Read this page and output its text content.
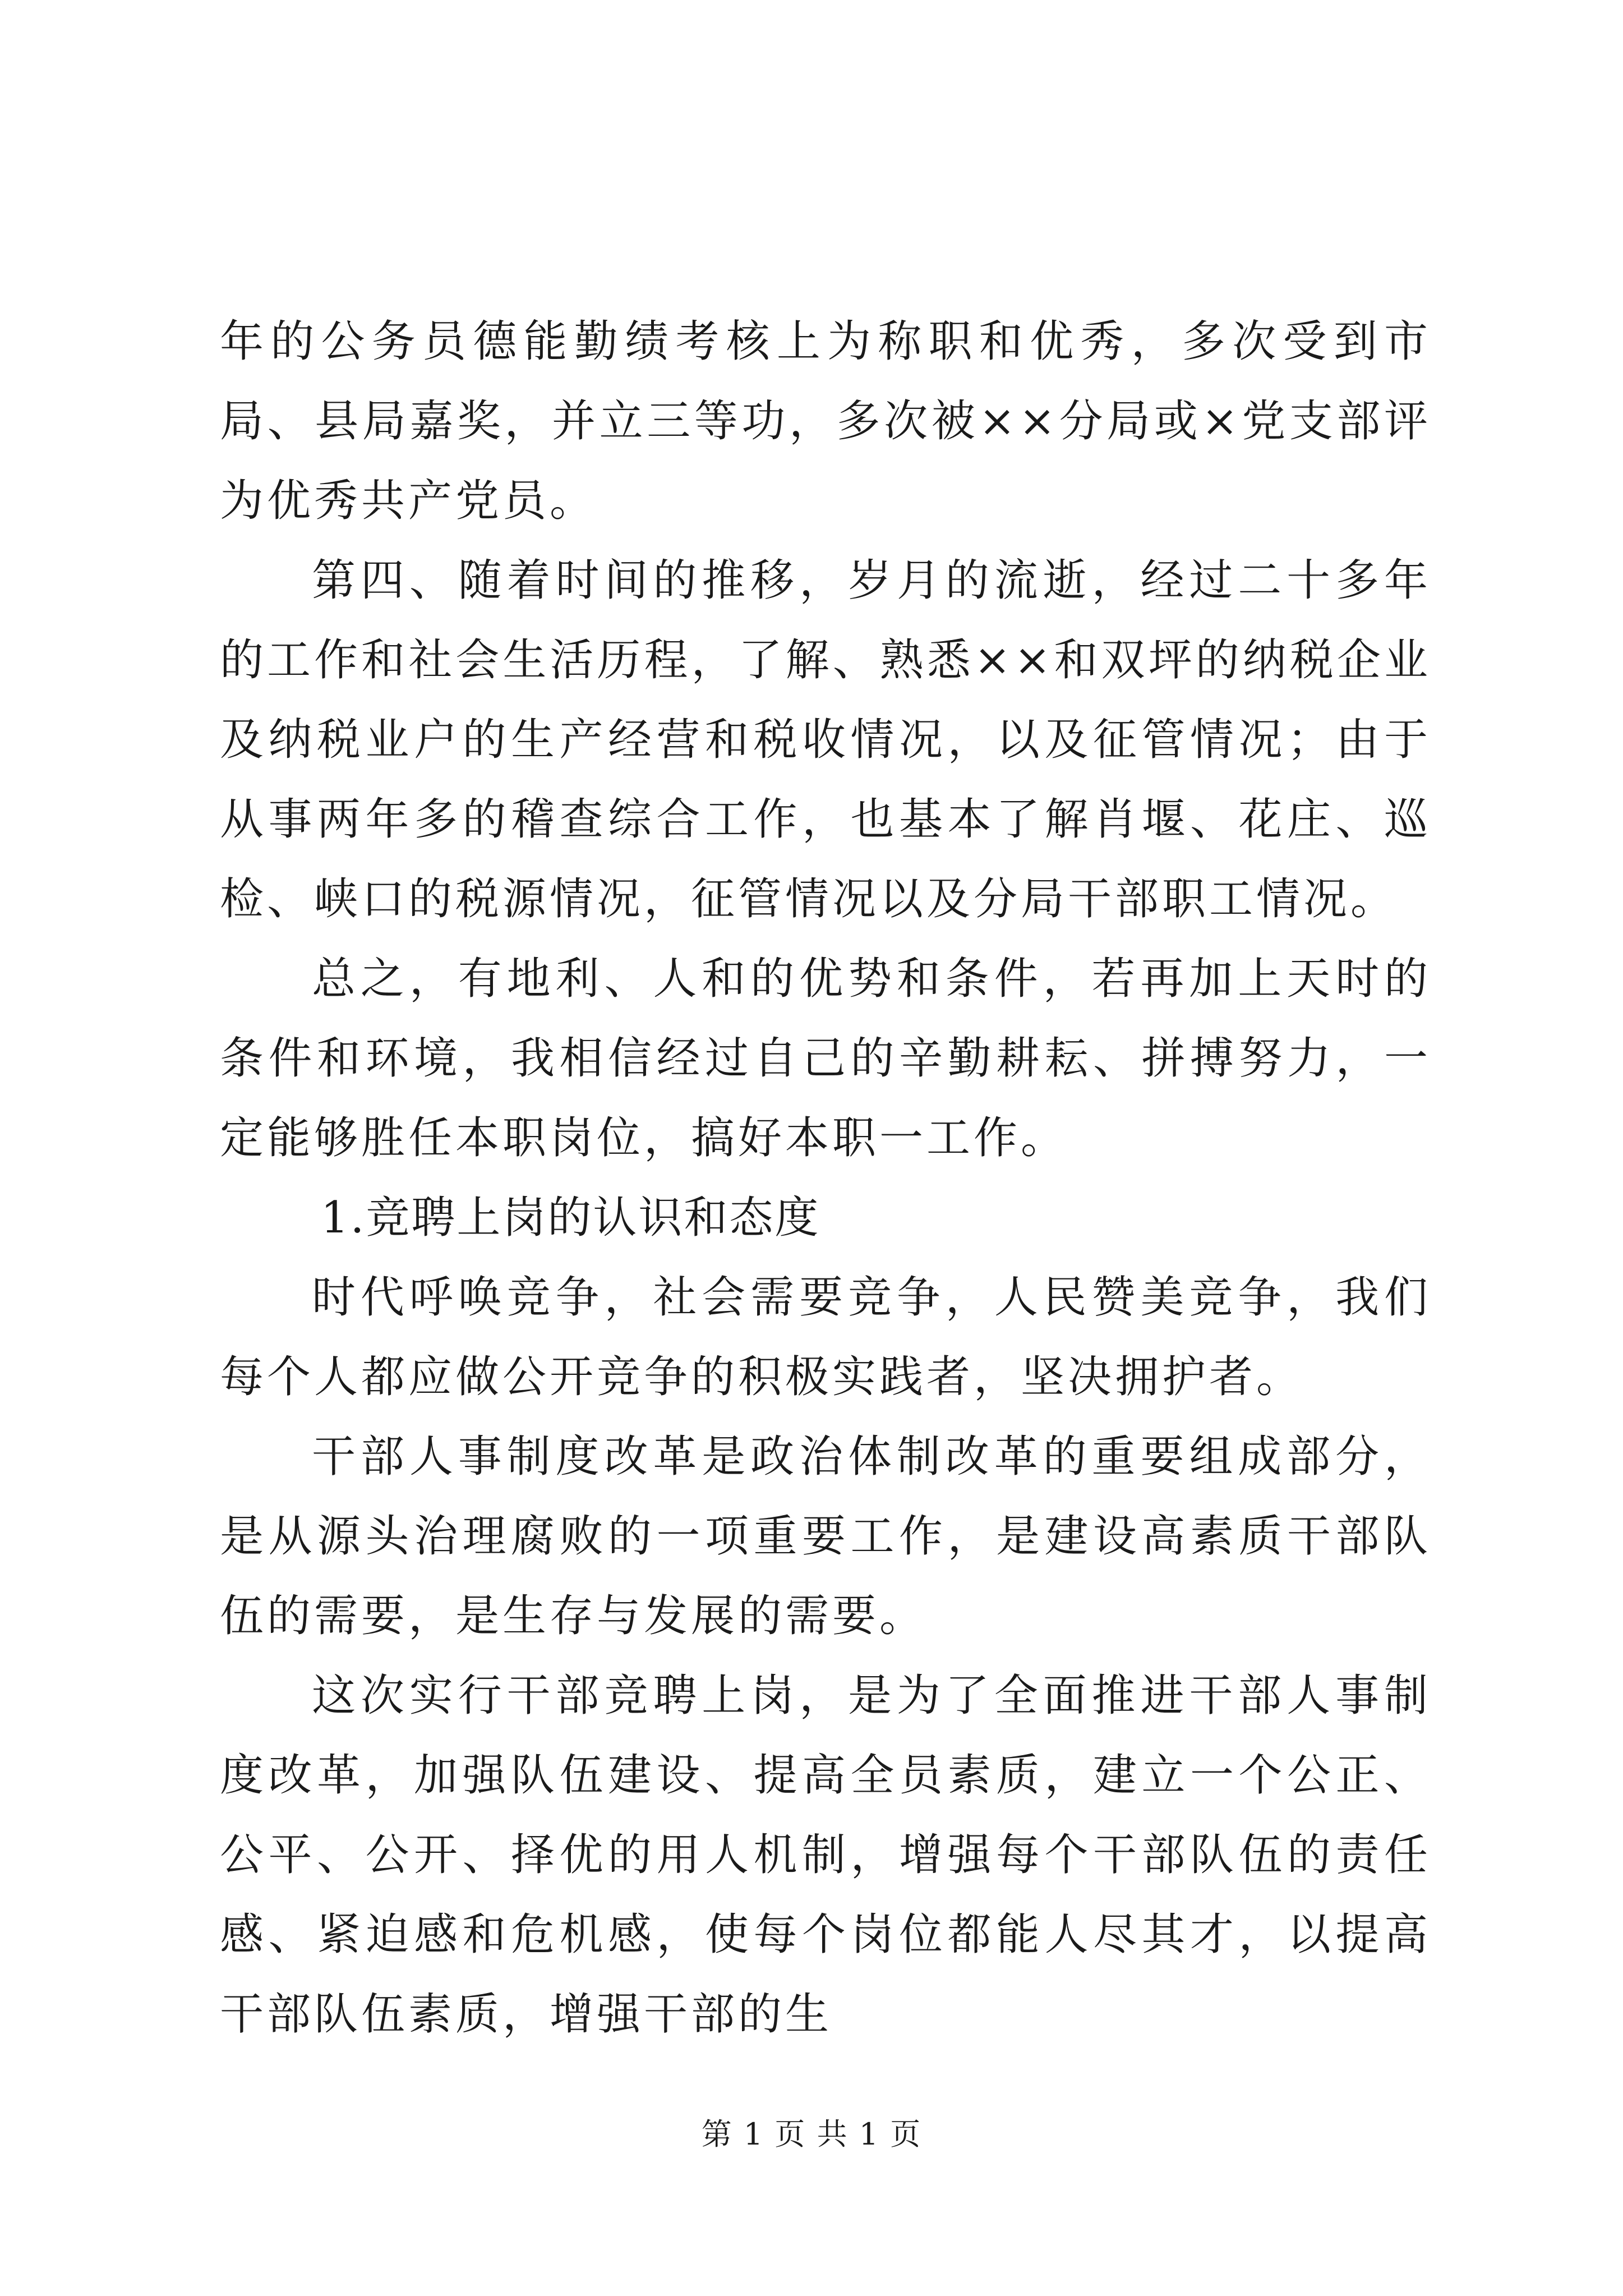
年的公务员德能勤绩考核上为称职和优秀，多次受到市局、县局嘉奖，并立三等功，多次被××分局或×党支部评为优秀共产党员。

第四、随着时间的推移，岁月的流逝，经过二十多年的工作和社会生活历程，了解、熟悉××和双坪的纳税企业及纳税业户的生产经营和税收情况，以及征管情况；由于从事两年多的稽查综合工作，也基本了解肖堰、花庄、巡检、峡口的税源情况，征管情况以及分局干部职工情况。

总之，有地利、人和的优势和条件，若再加上天时的条件和环境，我相信经过自己的辛勤耕耘、拼搏努力，一定能够胜任本职岗位，搞好本职一工作。

1.竞聘上岗的认识和态度

时代呼唤竞争，社会需要竞争，人民赞美竞争，我们每个人都应做公开竞争的积极实践者，坚决拥护者。

干部人事制度改革是政治体制改革的重要组成部分，是从源头治理腐败的一项重要工作，是建设高素质干部队伍的需要，是生存与发展的需要。

这次实行干部竞聘上岗，是为了全面推进干部人事制度改革，加强队伍建设、提高全员素质，建立一个公正、公平、公开、择优的用人机制，增强每个干部队伍的责任感、紧迫感和危机感，使每个岗位都能人尽其才，以提高干部队伍素质，增强干部的生

第 1 页 共 1 页
